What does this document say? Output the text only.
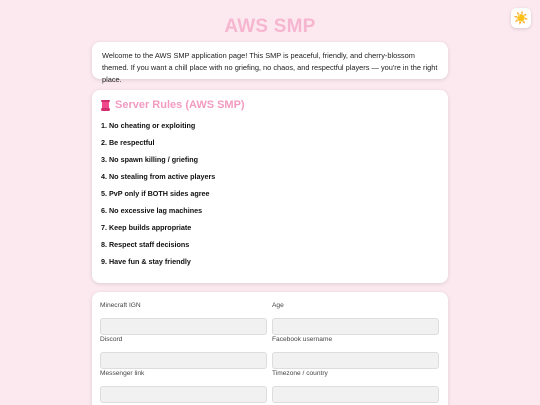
☀️
AWS SMP

Welcome to the AWS SMP application page! This SMP is peaceful, friendly, and cherry-blossom themed. If you want a chill place with no griefing, no chaos, and respectful players — you're in the right place.

Server Rules (AWS SMP)
1. No cheating or exploiting
2. Be respectful
3. No spawn killing / griefing
4. No stealing from active players
5. PvP only if BOTH sides agree
6. No excessive lag machines
7. Keep builds appropriate
8. Respect staff decisions
9. Have fun & stay friendly
Minecraft IGN	Age
Discord	Facebook username
Messenger link	Timezone / country
